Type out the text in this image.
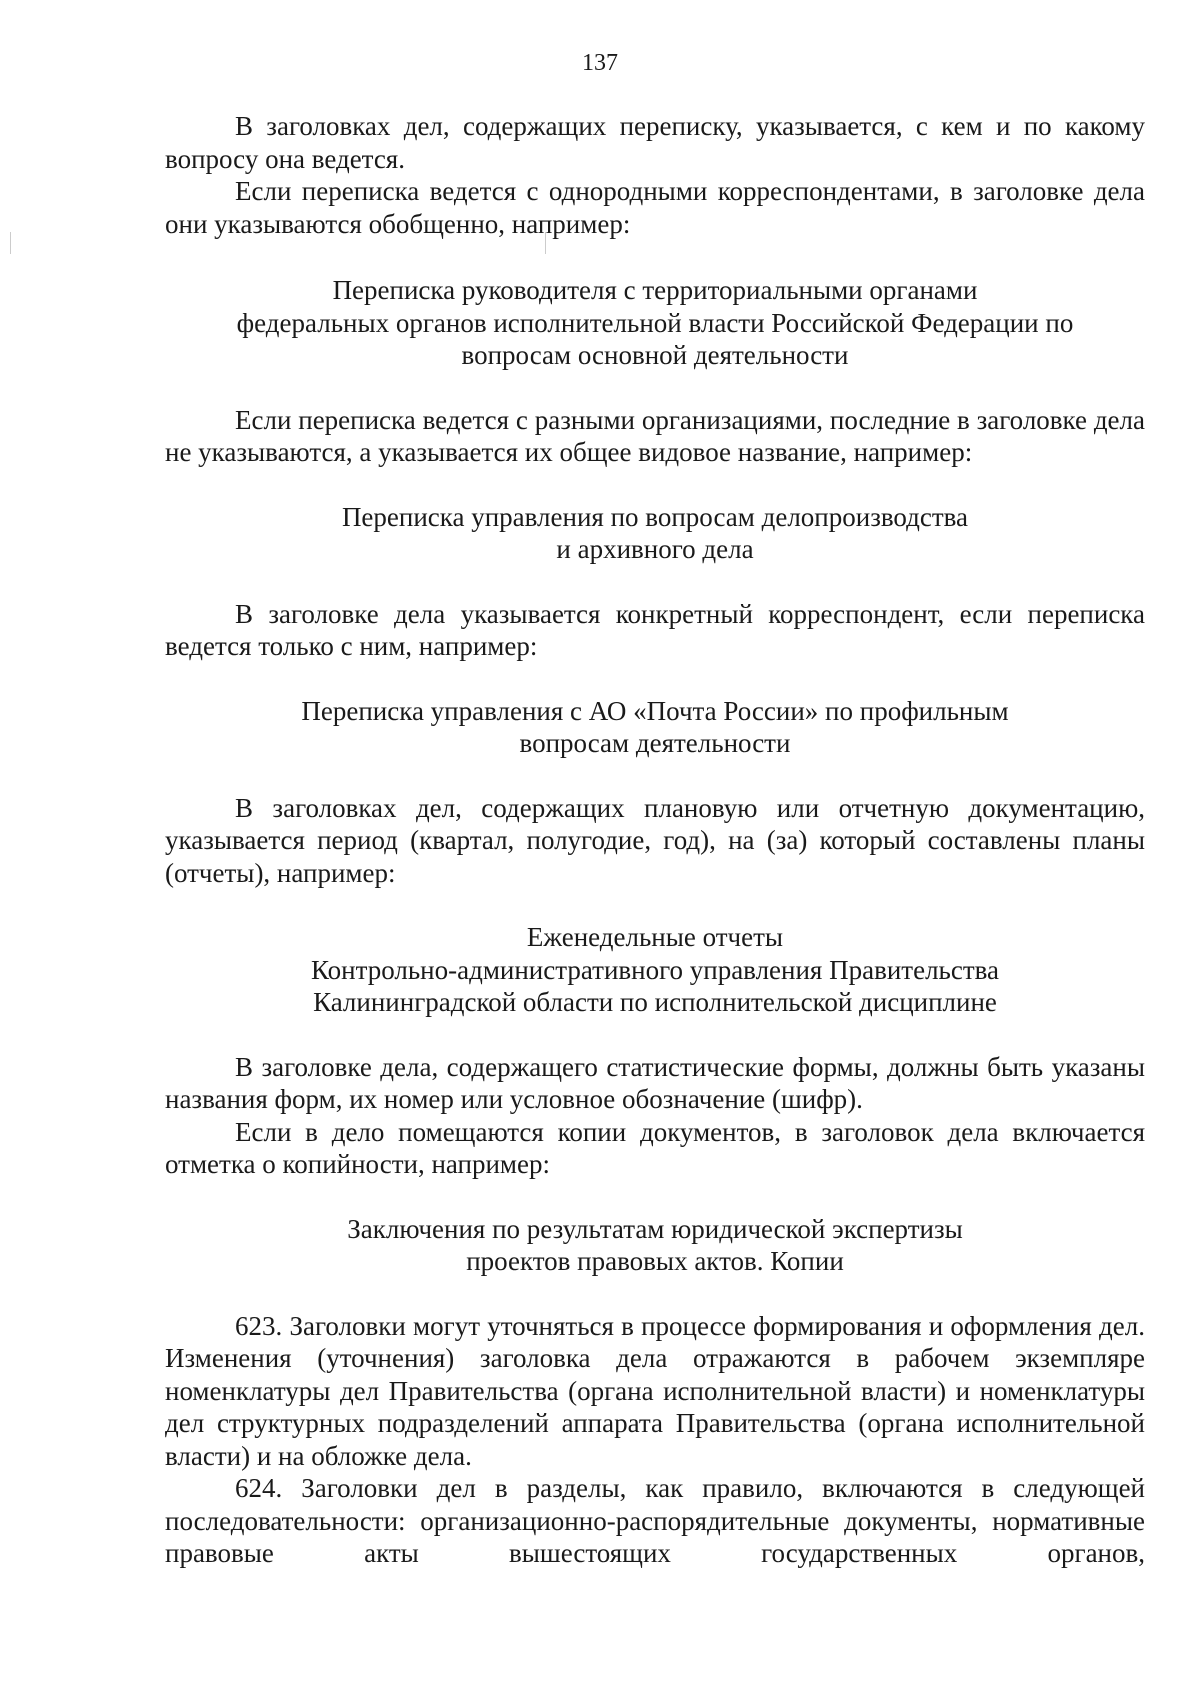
137

В заголовках дел, содержащих переписку, указывается, с кем и по какому вопросу она ведется.

Если переписка ведется с однородными корреспондентами, в заголовке дела они указываются обобщенно, например:

Переписка руководителя с территориальными органами
федеральных органов исполнительной власти Российской Федерации по
вопросам основной деятельности

Если переписка ведется с разными организациями, последние в заголовке дела не указываются, а указывается их общее видовое название, например:

Переписка управления по вопросам делопроизводства
и архивного дела

В заголовке дела указывается конкретный корреспондент, если переписка ведется только с ним, например:

Переписка управления с АО «Почта России» по профильным
вопросам деятельности

В заголовках дел, содержащих плановую или отчетную документацию, указывается период (квартал, полугодие, год), на (за) который составлены планы (отчеты), например:

Еженедельные отчеты
Контрольно-административного управления Правительства
Калининградской области по исполнительской дисциплине

В заголовке дела, содержащего статистические формы, должны быть указаны названия форм, их номер или условное обозначение (шифр).

Если в дело помещаются копии документов, в заголовок дела включается отметка о копийности, например:

Заключения по результатам юридической экспертизы
проектов правовых актов. Копии

623. Заголовки могут уточняться в процессе формирования и оформления дел. Изменения (уточнения) заголовка дела отражаются в рабочем экземпляре номенклатуры дел Правительства (органа исполнительной власти) и номенклатуры дел структурных подразделений аппарата Правительства (органа исполнительной власти) и на обложке дела.

624. Заголовки дел в разделы, как правило, включаются в следующей последовательности: организационно-распорядительные документы, нормативные правовые акты вышестоящих государственных органов,
